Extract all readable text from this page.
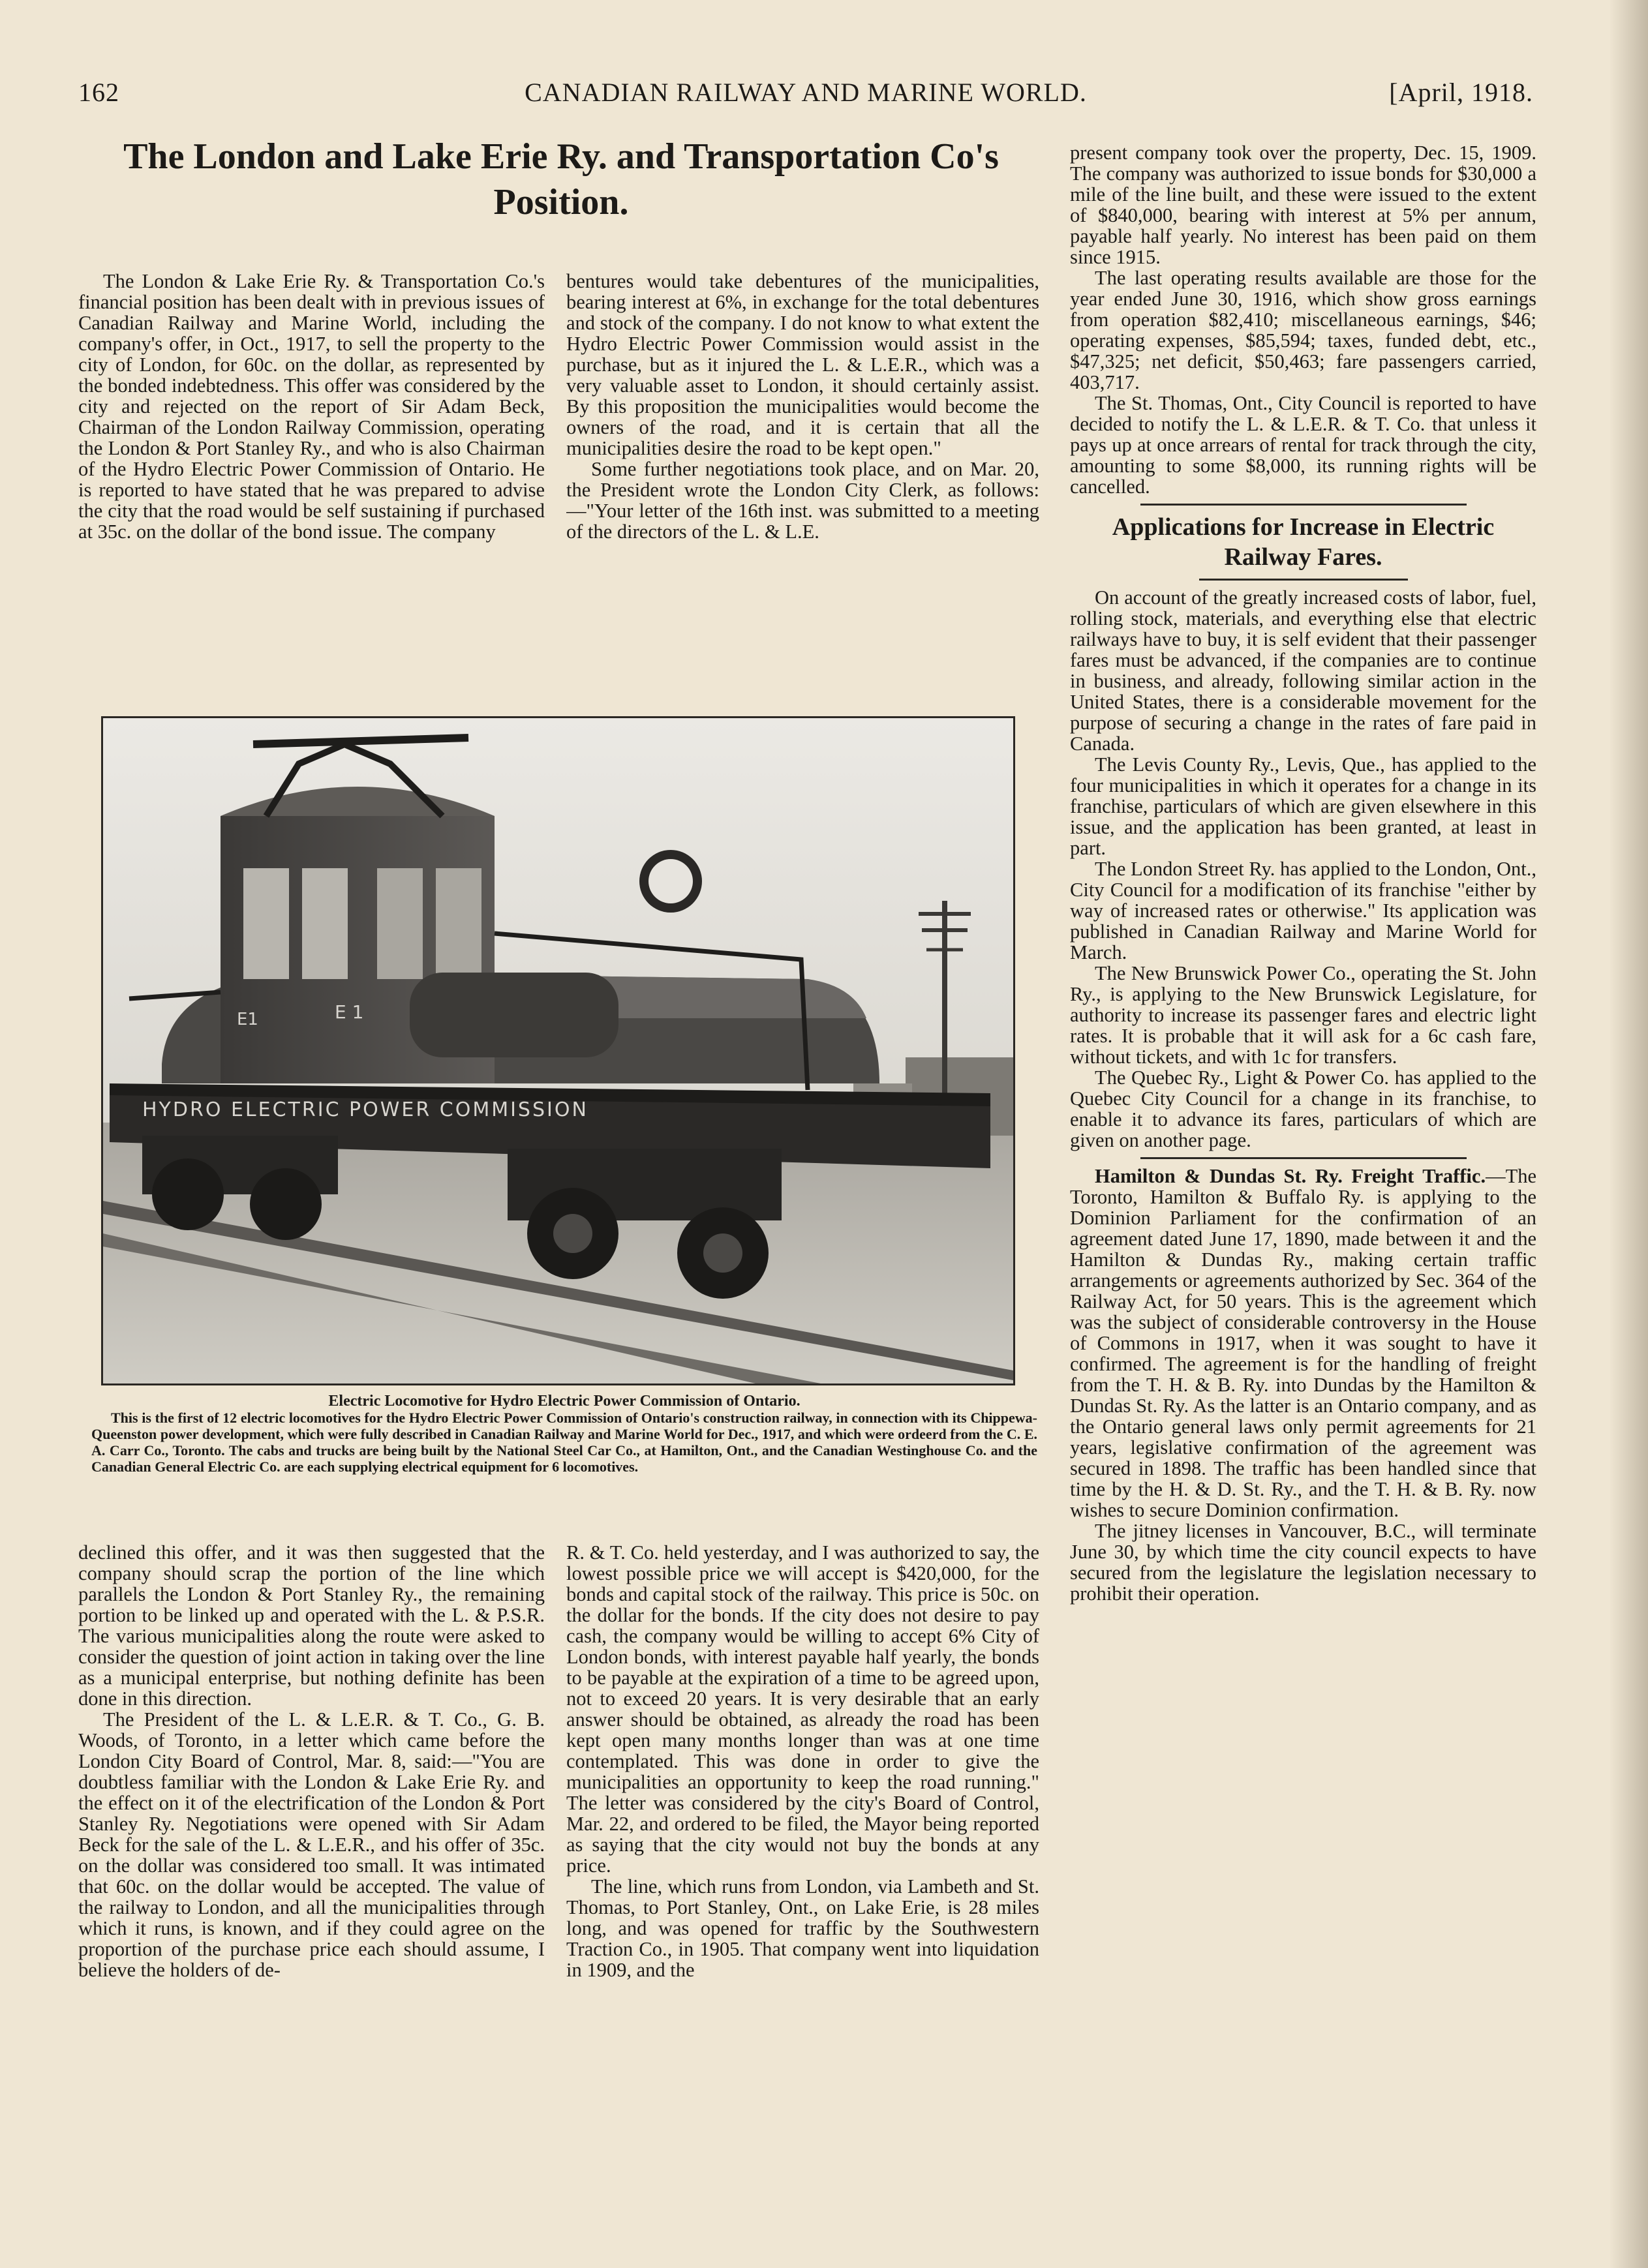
162	CANADIAN RAILWAY AND MARINE WORLD.	[April, 1918.
The London and Lake Erie Ry. and Transportation Co's Position.

The London & Lake Erie Ry. & Transportation Co.'s financial position has been dealt with in previous issues of Canadian Railway and Marine World, including the company's offer, in Oct., 1917, to sell the property to the city of London, for 60c. on the dollar, as represented by the bonded indebtedness. This offer was considered by the city and rejected on the report of Sir Adam Beck, Chairman of the London Railway Commission, operating the London & Port Stanley Ry., and who is also Chairman of the Hydro Electric Power Commission of Ontario. He is reported to have stated that he was prepared to advise the city that the road would be self sustaining if purchased at 35c. on the dollar of the bond issue. The company

bentures would take debentures of the municipalities, bearing interest at 6%, in exchange for the total debentures and stock of the company. I do not know to what extent the Hydro Electric Power Commission would assist in the purchase, but as it injured the L. & L.E.R., which was a very valuable asset to London, it should certainly assist. By this proposition the municipalities would become the owners of the road, and it is certain that all the municipalities desire the road to be kept open."

Some further negotiations took place, and on Mar. 20, the President wrote the London City Clerk, as follows:—"Your letter of the 16th inst. was submitted to a meeting of the directors of the L. & L.E.

present company took over the property, Dec. 15, 1909. The company was authorized to issue bonds for $30,000 a mile of the line built, and these were issued to the extent of $840,000, bearing with interest at 5% per annum, payable half yearly. No interest has been paid on them since 1915.

The last operating results available are those for the year ended June 30, 1916, which show gross earnings from operation $82,410; miscellaneous earnings, $46; operating expenses, $85,594; taxes, funded debt, etc., $47,325; net deficit, $50,463; fare passengers carried, 403,717.

The St. Thomas, Ont., City Council is reported to have decided to notify the L. & L.E.R. & T. Co. that unless it pays up at once arrears of rental for track through the city, amounting to some $8,000, its running rights will be cancelled.

Applications for Increase in Electric Railway Fares.

On account of the greatly increased costs of labor, fuel, rolling stock, materials, and everything else that electric railways have to buy, it is self evident that their passenger fares must be advanced, if the companies are to continue in business, and already, following similar action in the United States, there is a considerable movement for the purpose of securing a change in the rates of fare paid in Canada.

The Levis County Ry., Levis, Que., has applied to the four municipalities in which it operates for a change in its franchise, particulars of which are given elsewhere in this issue, and the application has been granted, at least in part.

The London Street Ry. has applied to the London, Ont., City Council for a modification of its franchise "either by way of increased rates or otherwise." Its application was published in Canadian Railway and Marine World for March.

The New Brunswick Power Co., operating the St. John Ry., is applying to the New Brunswick Legislature, for authority to increase its passenger fares and electric light rates. It is probable that it will ask for a 6c cash fare, without tickets, and with 1c for transfers.

The Quebec Ry., Light & Power Co. has applied to the Quebec City Council for a change in its franchise, to enable it to advance its fares, particulars of which are given on another page.

Hamilton & Dundas St. Ry. Freight Traffic.—The Toronto, Hamilton & Buffalo Ry. is applying to the Dominion Parliament for the confirmation of an agreement dated June 17, 1890, made between it and the Hamilton & Dundas Ry., making certain traffic arrangements or agreements authorized by Sec. 364 of the Railway Act, for 50 years. This is the agreement which was the subject of considerable controversy in the House of Commons in 1917, when it was sought to have it confirmed. The agreement is for the handling of freight from the T. H. & B. Ry. into Dundas by the Hamilton & Dundas St. Ry. As the latter is an Ontario company, and as the Ontario general laws only permit agreements for 21 years, legislative confirmation of the agreement was secured in 1898. The traffic has been handled since that time by the H. & D. St. Ry., and the T. H. & B. Ry. now wishes to secure Dominion confirmation.

The jitney licenses in Vancouver, B.C., will terminate June 30, by which time the city council expects to have secured from the legislature the legislation necessary to prohibit their operation.

HYDRO ELECTRIC POWER COMMISSION
E1	E 1
Electric Locomotive for Hydro Electric Power Commission of Ontario.
This is the first of 12 electric locomotives for the Hydro Electric Power Commission of Ontario's construction railway, in connection with its Chippewa-Queenston power development, which were fully described in Canadian Railway and Marine World for Dec., 1917, and which were ordeerd from the C. E. A. Carr Co., Toronto. The cabs and trucks are being built by the National Steel Car Co., at Hamilton, Ont., and the Canadian Westinghouse Co. and the Canadian General Electric Co. are each supplying electrical equipment for 6 locomotives.

declined this offer, and it was then suggested that the company should scrap the portion of the line which parallels the London & Port Stanley Ry., the remaining portion to be linked up and operated with the L. & P.S.R. The various municipalities along the route were asked to consider the question of joint action in taking over the line as a municipal enterprise, but nothing definite has been done in this direction.

The President of the L. & L.E.R. & T. Co., G. B. Woods, of Toronto, in a letter which came before the London City Board of Control, Mar. 8, said:—"You are doubtless familiar with the London & Lake Erie Ry. and the effect on it of the electrification of the London & Port Stanley Ry. Negotiations were opened with Sir Adam Beck for the sale of the L. & L.E.R., and his offer of 35c. on the dollar was considered too small. It was intimated that 60c. on the dollar would be accepted. The value of the railway to London, and all the municipalities through which it runs, is known, and if they could agree on the proportion of the purchase price each should assume, I believe the holders of de-

R. & T. Co. held yesterday, and I was authorized to say, the lowest possible price we will accept is $420,000, for the bonds and capital stock of the railway. This price is 50c. on the dollar for the bonds. If the city does not desire to pay cash, the company would be willing to accept 6% City of London bonds, with interest payable half yearly, the bonds to be payable at the expiration of a time to be agreed upon, not to exceed 20 years. It is very desirable that an early answer should be obtained, as already the road has been kept open many months longer than was at one time contemplated. This was done in order to give the municipalities an opportunity to keep the road running." The letter was considered by the city's Board of Control, Mar. 22, and ordered to be filed, the Mayor being reported as saying that the city would not buy the bonds at any price.

The line, which runs from London, via Lambeth and St. Thomas, to Port Stanley, Ont., on Lake Erie, is 28 miles long, and was opened for traffic by the Southwestern Traction Co., in 1905. That company went into liquidation in 1909, and the
